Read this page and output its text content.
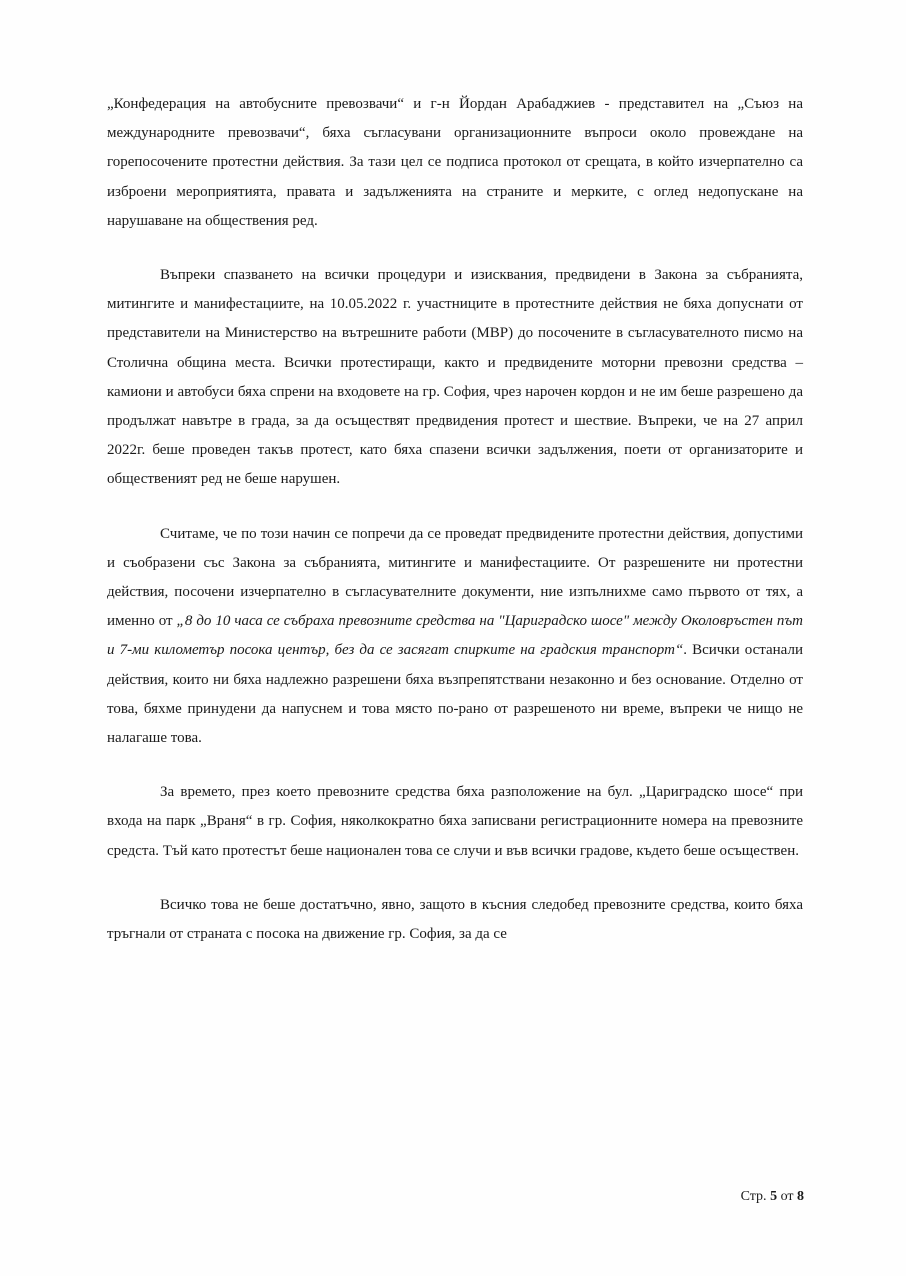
„Конфедерация на автобусните превозвачи“ и г-н Йордан Арабаджиев - представител на „Съюз на международните превозвачи“, бяха съгласувани организационните въпроси около провеждане на горепосочените протестни действия. За тази цел се подписа протокол от срещата, в който изчерпателно са изброени мероприятията, правата и задълженията на страните и мерките, с оглед недопускане на нарушаване на обществения ред.

Въпреки спазването на всички процедури и изисквания, предвидени в Закона за събранията, митингите и манифестациите, на 10.05.2022 г. участниците в протестните действия не бяха допуснати от представители на Министерство на вътрешните работи (МВР) до посочените в съгласувателното писмо на Столична община места. Всички протестиращи, както и предвидените моторни превозни средства – камиони и автобуси бяха спрени на входовете на гр. София, чрез нарочен кордон и не им беше разрешено да продължат навътре в града, за да осъществят предвидения протест и шествие. Въпреки, че на 27 април 2022г. беше проведен такъв протест, като бяха спазени всички задължения, поети от организаторите и общественият ред не беше нарушен.

Считаме, че по този начин се попречи да се проведат предвидените протестни действия, допустими и съобразени със Закона за събранията, митингите и манифестациите. От разрешените ни протестни действия, посочени изчерпателно в съгласувателните документи, ние изпълнихме само първото от тях, а именно от „8 до 10 часа се събраха превозните средства на "Цариградско шосе" между Околовръстен път и 7-ми километър посока център, без да се засягат спирките на градския транспорт“. Всички останали действия, които ни бяха надлежно разрешени бяха възпрепятствани незаконно и без основание. Отделно от това, бяхме принудени да напуснем и това място по-рано от разрешеното ни време, въпреки че нищо не налагаше това.

За времето, през което превозните средства бяха разположение на бул. „Цариградско шосе“ при входа на парк „Враня“ в гр. София, няколкократно бяха записвани регистрационните номера на превозните средста. Тъй като протестът беше национален това се случи и във всички градове, където беше осъществен.

Всичко това не беше достатъчно, явно, защото в късния следобед превозните средства, които бяха тръгнали от страната с посока на движение гр. София, за да се

Стр. 5 от 8
